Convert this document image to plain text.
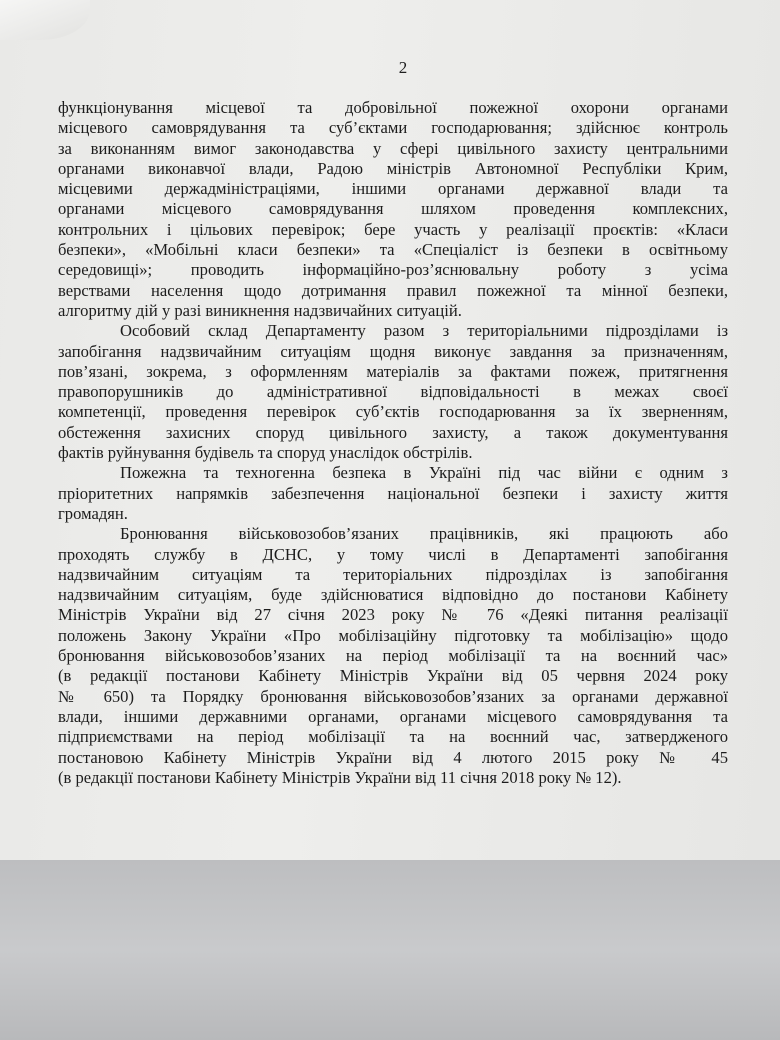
2
функціонування місцевої та добровільної пожежної охорони органами
місцевого самоврядування та суб’єктами господарювання; здійснює контроль
за виконанням вимог законодавства у сфері цивільного захисту центральними
органами виконавчої влади, Радою міністрів Автономної Республіки Крим,
місцевими держадміністраціями, іншими органами державної влади та
органами місцевого самоврядування шляхом проведення комплексних,
контрольних і цільових перевірок; бере участь у реалізації проєктів: «Класи
безпеки», «Мобільні класи безпеки» та «Спеціаліст із безпеки в освітньому
середовищі»; проводить інформаційно-роз’яснювальну роботу з усіма
верствами населення щодо дотримання правил пожежної та мінної безпеки,
алгоритму дій у разі виникнення надзвичайних ситуацій.
Особовий склад Департаменту разом з територіальними підрозділами із
запобігання надзвичайним ситуаціям щодня виконує завдання за призначенням,
пов’язані, зокрема, з оформленням матеріалів за фактами пожеж, притягнення
правопорушників до адміністративної відповідальності в межах своєї
компетенції, проведення перевірок суб’єктів господарювання за їх зверненням,
обстеження захисних споруд цивільного захисту, а також документування
фактів руйнування будівель та споруд унаслідок обстрілів.
Пожежна та техногенна безпека в Україні під час війни є одним з
пріоритетних напрямків забезпечення національної безпеки і захисту життя
громадян.
Бронювання військовозобов’язаних працівників, які працюють або
проходять службу в ДСНС, у тому числі в Департаменті запобігання
надзвичайним ситуаціям та територіальних підрозділах із запобігання
надзвичайним ситуаціям, буде здійснюватися відповідно до постанови Кабінету
Міністрів України від 27 січня 2023 року № 76 «Деякі питання реалізації
положень Закону України «Про мобілізаційну підготовку та мобілізацію» щодо
бронювання військовозобов’язаних на період мобілізації та на воєнний час»
(в редакції постанови Кабінету Міністрів України від 05 червня 2024 року
№ 650) та Порядку бронювання військовозобов’язаних за органами державної
влади, іншими державними органами, органами місцевого самоврядування та
підприємствами на період мобілізації та на воєнний час, затвердженого
постановою Кабінету Міністрів України від 4 лютого 2015 року № 45
(в редакції постанови Кабінету Міністрів України від 11 січня 2018 року № 12).
